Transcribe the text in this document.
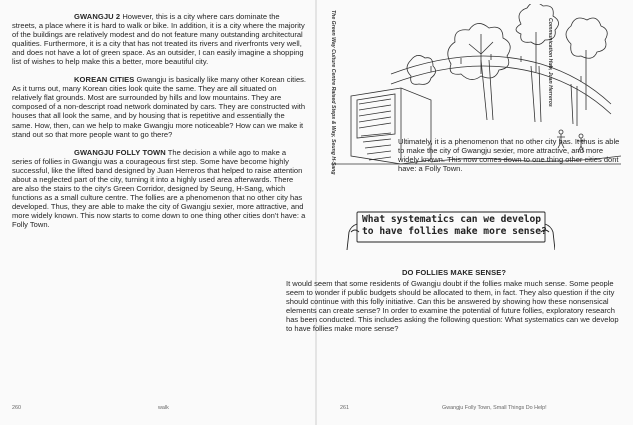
GWANGJU 2 However, this is a city where cars dominate the streets, a place where it is hard to walk or bike. In addition, it is a city where the majority of the buildings are relatively modest and do not feature many outstanding architectural qualities. Furthermore, it is a city that has not treated its rivers and riverfronts very well, and does not have a lot of green space. As an outsider, I can easily imagine a shopping list of wishes to help make this a better, more beautiful city.

KOREAN CITIES Gwangju is basically like many other Korean cities. As it turns out, many Korean cities look quite the same. They are all situated on relatively flat grounds. Most are surrounded by hills and low mountains. They are composed of a non-descript road network dominated by cars. They are constructed with houses that all look the same, and by housing that is repetitive and essentially the same. How, then, can we help to make Gwangju more noticeable? How can we make it stand out so that more people want to go there?

GWANGJU FOLLY TOWN The decision a while ago to make a series of follies in Gwangju was a courageous first step. Some have become highly successful, like the lifted band designed by Juan Herreros that helped to raise attention about a neglected part of the city, turning it into a highly used area afterwards. There are also the stairs to the city's Green Corridor, designed by Seung, H-Sang, which functions as a small culture centre. The follies are a phenomenon that no other city has developed. Thus, they are able to make the city of Gwangju sexier, more attractive, and more widely known. This now starts to come down to one thing other cities don't have: a Folly Town.

260	walk	261	Gwangju Folly Town, Small Things Do Help!
The Green Way Culture Centre Raised Steps & Way, Seung H-Sang	Communication Hub, Juan Herreros

Ultimately, it is a phenomenon that no other city has. It thus is able to make the city of Gwangju sexier, more attractive, and more widely known. This now comes down to one thing other cities dont have: a Folly Town.

What systematics can we develop to have follies make more sense?
DO FOLLIES MAKE SENSE?
It would seem that some residents of Gwangju doubt if the follies make much sense. Some people seem to wonder if public budgets should be allocated to them, in fact. They also question if the city should continue with this folly initiative. Can this be answered by showing how these nonsensical elements can create sense? In order to examine the potential of future follies, exploratory research has been conducted. This includes asking the following question: What systematics can we develop to have follies make more sense?
